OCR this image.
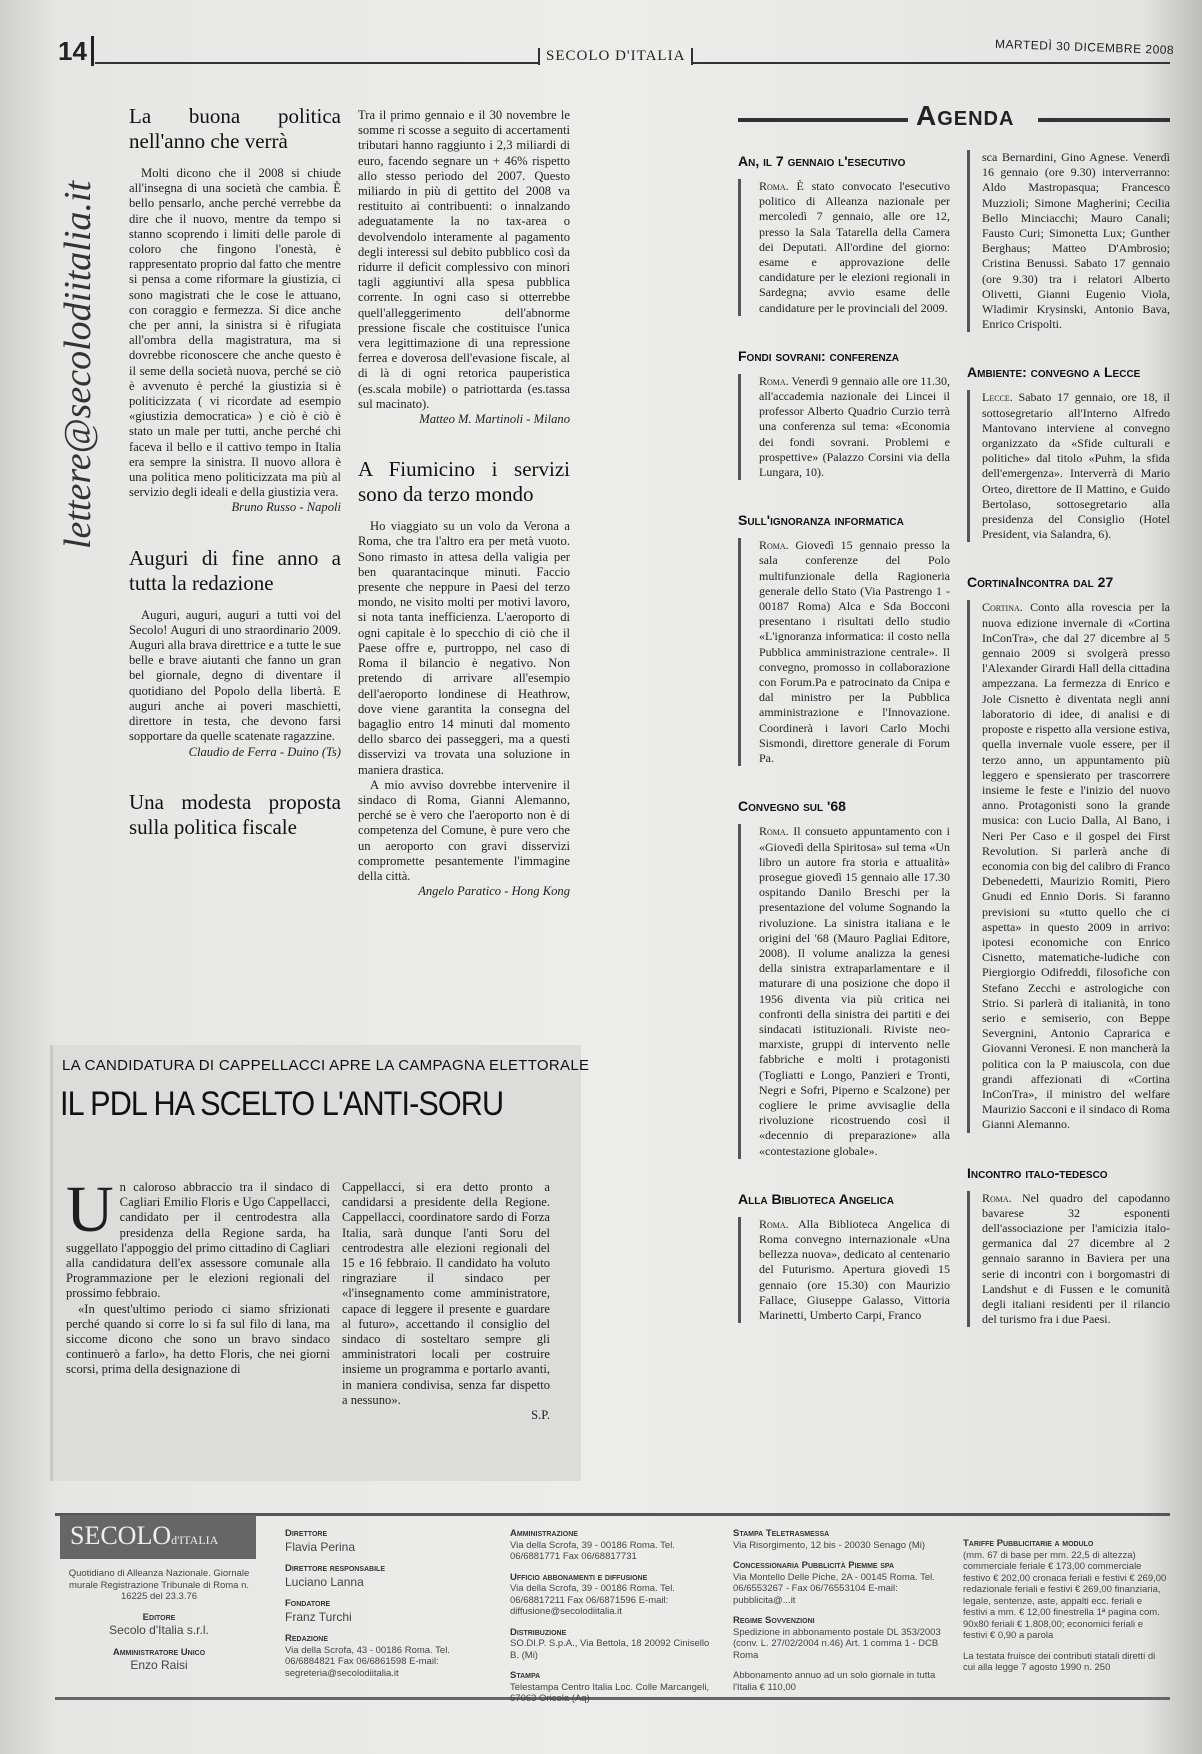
14	SECOLO D'ITALIA	MARTEDÌ 30 DICEMBRE 2008
lettere@secolodiitalia.it
La buona politica nell'anno che verrà

Molti dicono che il 2008 si chiude all'insegna di una società che cambia. È bello pensarlo, anche perché verrebbe da dire che il nuovo, mentre da tempo si stanno scoprendo i limiti delle parole di coloro che fingono l'onestà, è rappresentato proprio dal fatto che mentre si pensa a come riformare la giustizia, ci sono magistrati che le cose le attuano, con coraggio e fermezza. Si dice anche che per anni, la sinistra si è rifugiata all'ombra della magistratura, ma si dovrebbe riconoscere che anche questo è il seme della società nuova, perché se ciò è avvenuto è perché la giustizia si è politicizzata ( vi ricordate ad esempio «giustizia democratica» ) e ciò è ciò è stato un male per tutti, anche perché chi faceva il bello e il cattivo tempo in Italia era sempre la sinistra. Il nuovo allora è una politica meno politicizzata ma più al servizio degli ideali e della giustizia vera.

Bruno Russo - Napoli

Auguri di fine anno a tutta la redazione

Auguri, auguri, auguri a tutti voi del Secolo! Auguri di uno straordinario 2009. Auguri alla brava direttrice e a tutte le sue belle e brave aiutanti che fanno un gran bel giornale, degno di diventare il quotidiano del Popolo della libertà. E auguri anche ai poveri maschietti, direttore in testa, che devono farsi sopportare da quelle scatenate ragazzine.

Claudio de Ferra - Duino (Ts)

Una modesta proposta sulla politica fiscale

Tra il primo gennaio e il 30 novembre le somme ri scosse a seguito di accertamenti tributari hanno raggiunto i 2,3 miliardi di euro, facendo segnare un + 46% rispetto allo stesso periodo del 2007. Questo miliardo in più di gettito del 2008 va restituito ai contribuenti: o innalzando adeguatamente la no tax-area o devolvendolo interamente al pagamento degli interessi sul debito pubblico così da ridurre il deficit complessivo con minori tagli aggiuntivi alla spesa pubblica corrente. In ogni caso si otterrebbe quell'alleggerimento dell'abnorme pressione fiscale che costituisce l'unica vera legittimazione di una repressione ferrea e doverosa dell'evasione fiscale, al di là di ogni retorica pauperistica (es.scala mobile) o patriottarda (es.tassa sul macinato).

Matteo M. Martinoli - Milano

A Fiumicino i servizi sono da terzo mondo

Ho viaggiato su un volo da Verona a Roma, che tra l'altro era per metà vuoto. Sono rimasto in attesa della valigia per ben quarantacinque minuti. Faccio presente che neppure in Paesi del terzo mondo, ne visito molti per motivi lavoro, si nota tanta inefficienza. L'aeroporto di ogni capitale è lo specchio di ciò che il Paese offre e, purtroppo, nel caso di Roma il bilancio è negativo. Non pretendo di arrivare all'esempio dell'aeroporto londinese di Heathrow, dove viene garantita la consegna del bagaglio entro 14 minuti dal momento dello sbarco dei passeggeri, ma a questi disservizi va trovata una soluzione in maniera drastica.

A mio avviso dovrebbe intervenire il sindaco di Roma, Gianni Alemanno, perché se è vero che l'aeroporto non è di competenza del Comune, è pure vero che un aeroporto con gravi disservizi compromette pesantemente l'immagine della città.

Angelo Paratico - Hong Kong

LA CANDIDATURA DI CAPPELLACCI APRE LA CAMPAGNA ELETTORALE
IL PDL HA SCELTO L'ANTI-SORU
U n caloroso abbraccio tra il sindaco di Cagliari Emilio Floris e Ugo Cappellacci, candidato per il centrodestra alla presidenza della Regione sarda, ha suggellato l'appoggio del primo cittadino di Cagliari alla candidatura dell'ex assessore comunale alla Programmazione per le elezioni regionali del prossimo febbraio.

«In quest'ultimo periodo ci siamo sfrizionati perché quando si corre lo si fa sul filo di lana, ma siccome dicono che sono un bravo sindaco continuerò a farlo», ha detto Floris, che nei giorni scorsi, prima della designazione di

Cappellacci, si era detto pronto a candidarsi a presidente della Regione. Cappellacci, coordinatore sardo di Forza Italia, sarà dunque l'anti Soru del centrodestra alle elezioni regionali del 15 e 16 febbraio. Il candidato ha voluto ringraziare il sindaco per «l'insegnamento come amministratore, capace di leggere il presente e guardare al futuro», accettando il consiglio del sindaco di sosteltaro sempre gli amministratori locali per costruire insieme un programma e portarlo avanti, in maniera condivisa, senza far dispetto a nessuno».

S.P.

Agenda
An, il 7 gennaio l'esecutivo
Roma. È stato convocato l'esecutivo politico di Alleanza nazionale per mercoledì 7 gennaio, alle ore 12, presso la Sala Tatarella della Camera dei Deputati. All'ordine del giorno: esame e approvazione delle candidature per le elezioni regionali in Sardegna; avvio esame delle candidature per le provinciali del 2009.
Fondi sovrani: conferenza
Roma. Venerdì 9 gennaio alle ore 11.30, all'accademia nazionale dei Lincei il professor Alberto Quadrio Curzio terrà una conferenza sul tema: «Economia dei fondi sovrani. Problemi e prospettive» (Palazzo Corsini via della Lungara, 10).
Sull'ignoranza informatica
Roma. Giovedì 15 gennaio presso la sala conferenze del Polo multifunzionale della Ragioneria generale dello Stato (Via Pastrengo 1 - 00187 Roma) Alca e Sda Bocconi presentano i risultati dello studio «L'ignoranza informatica: il costo nella Pubblica amministrazione centrale». Il convegno, promosso in collaborazione con Forum.Pa e patrocinato da Cnipa e dal ministro per la Pubblica amministrazione e l'Innovazione. Coordinerà i lavori Carlo Mochi Sismondi, direttore generale di Forum Pa.
Convegno sul '68
Roma. Il consueto appuntamento con i «Giovedì della Spiritosa» sul tema «Un libro un autore fra storia e attualità» prosegue giovedì 15 gennaio alle 17.30 ospitando Danilo Breschi per la presentazione del volume Sognando la rivoluzione. La sinistra italiana e le origini del '68 (Mauro Pagliai Editore, 2008). Il volume analizza la genesi della sinistra extraparlamentare e il maturare di una posizione che dopo il 1956 diventa via più critica nei confronti della sinistra dei partiti e dei sindacati istituzionali. Riviste neo-marxiste, gruppi di intervento nelle fabbriche e molti i protagonisti (Togliatti e Longo, Panzieri e Tronti, Negri e Sofri, Piperno e Scalzone) per cogliere le prime avvisaglie della rivoluzione ricostruendo così il «decennio di preparazione» alla «contestazione globale».
Alla Biblioteca Angelica
Roma. Alla Biblioteca Angelica di Roma convegno internazionale «Una bellezza nuova», dedicato al centenario del Futurismo. Apertura giovedì 15 gennaio (ore 15.30) con Maurizio Fallace, Giuseppe Galasso, Vittoria Marinetti, Umberto Carpi, Franco
sca Bernardini, Gino Agnese. Venerdì 16 gennaio (ore 9.30) interverranno: Aldo Mastropasqua; Francesco Muzzioli; Simone Magherini; Cecilia Bello Minciacchi; Mauro Canali; Fausto Curi; Simonetta Lux; Gunther Berghaus; Matteo D'Ambrosio; Cristina Benussi. Sabato 17 gennaio (ore 9.30) tra i relatori Alberto Olivetti, Gianni Eugenio Viola, Wladimir Krysinski, Antonio Bava, Enrico Crispolti.
Ambiente: convegno a Lecce
Lecce. Sabato 17 gennaio, ore 18, il sottosegretario all'Interno Alfredo Mantovano interviene al convegno organizzato da «Sfide culturali e politiche» dal titolo «Puhm, la sfida dell'emergenza». Interverrà di Mario Orteo, direttore de Il Mattino, e Guido Bertolaso, sottosegretario alla presidenza del Consiglio (Hotel President, via Salandra, 6).
CortinaIncontra dal 27
Cortina. Conto alla rovescia per la nuova edizione invernale di «Cortina InConTra», che dal 27 dicembre al 5 gennaio 2009 si svolgerà presso l'Alexander Girardi Hall della cittadina ampezzana. La fermezza di Enrico e Jole Cisnetto è diventata negli anni laboratorio di idee, di analisi e di proposte e rispetto alla versione estiva, quella invernale vuole essere, per il terzo anno, un appuntamento più leggero e spensierato per trascorrere insieme le feste e l'inizio del nuovo anno. Protagonisti sono la grande musica: con Lucio Dalla, Al Bano, i Neri Per Caso e il gospel dei First Revolution. Si parlerà anche di economia con big del calibro di Franco Debenedetti, Maurizio Romiti, Piero Gnudi ed Ennio Doris. Si faranno previsioni su «tutto quello che ci aspetta» in questo 2009 in arrivo: ipotesi economiche con Enrico Cisnetto, matematiche-ludiche con Piergiorgio Odifreddi, filosofiche con Stefano Zecchi e astrologiche con Strio. Si parlerà di italianità, in tono serio e semiserio, con Beppe Severgnini, Antonio Caprarica e Giovanni Veronesi. E non mancherà la politica con la P maiuscola, con due grandi affezionati di «Cortina InConTra», il ministro del welfare Maurizio Sacconi e il sindaco di Roma Gianni Alemanno.
Incontro italo-tedesco
Roma. Nel quadro del capodanno bavarese 32 esponenti dell'associazione per l'amicizia italo-germanica dal 27 dicembre al 2 gennaio saranno in Baviera per una serie di incontri con i borgomastri di Landshut e di Fussen e le comunità degli italiani residenti per il rilancio del turismo fra i due Paesi.
SECOLOd'ITALIA
Quotidiano di Alleanza Nazionale. Giornale murale Registrazione Tribunale di Roma n. 16225 del 23.3.76
Editore
Secolo d'Italia s.r.l.
Amministratore Unico
Enzo Raisi
Direttore
Flavia Perina
Direttore responsabile
Luciano Lanna
Fondatore
Franz Turchi
Redazione
Via della Scrofa, 43 - 00186 Roma. Tel. 06/6884821 Fax 06/6861598 E-mail: segreteria@secolodiitalia.it
Amministrazione
Via della Scrofa, 39 - 00186 Roma. Tel. 06/6881771 Fax 06/68817731
Ufficio abbonamenti e diffusione
Via della Scrofa, 39 - 00186 Roma. Tel. 06/68817211 Fax 06/6871596 E-mail: diffusione@secolodiitalia.it
Distribuzione
SO.DI.P. S.p.A., Via Bettola, 18 20092 Cinisello B. (Mi)
Stampa
Telestampa Centro Italia Loc. Colle Marcangeli, 67063 Oricola (Aq)
Stampa Teletrasmessa
Via Risorgimento, 12 bis - 20030 Senago (Mi)
Concessionaria Pubblicità Piemme spa
Via Montello Delle Piche, 2A - 00145 Roma. Tel. 06/6553267 - Fax 06/76553104 E-mail: pubblicita@...it
Regime Sovvenzioni
Spedizione in abbonamento postale DL 353/2003 (conv. L. 27/02/2004 n.46) Art. 1 comma 1 - DCB Roma
Abbonamento annuo ad un solo giornale in tutta l'Italia € 110,00
Tariffe Pubblicitarie a modulo
(mm. 67 di base per mm. 22,5 di altezza) commerciale feriale € 173,00 commerciale festivo € 202,00 cronaca feriali e festivi € 269,00 redazionale feriali e festivi € 269,00 finanziaria, legale, sentenze, aste, appalti ecc. feriali e festivi a mm. € 12,00 finestrella 1ª pagina com. 90x80 feriali € 1.808,00; economici feriali e festivi € 0,90 a parola
La testata fruisce dei contributi statali diretti di cui alla legge 7 agosto 1990 n. 250
